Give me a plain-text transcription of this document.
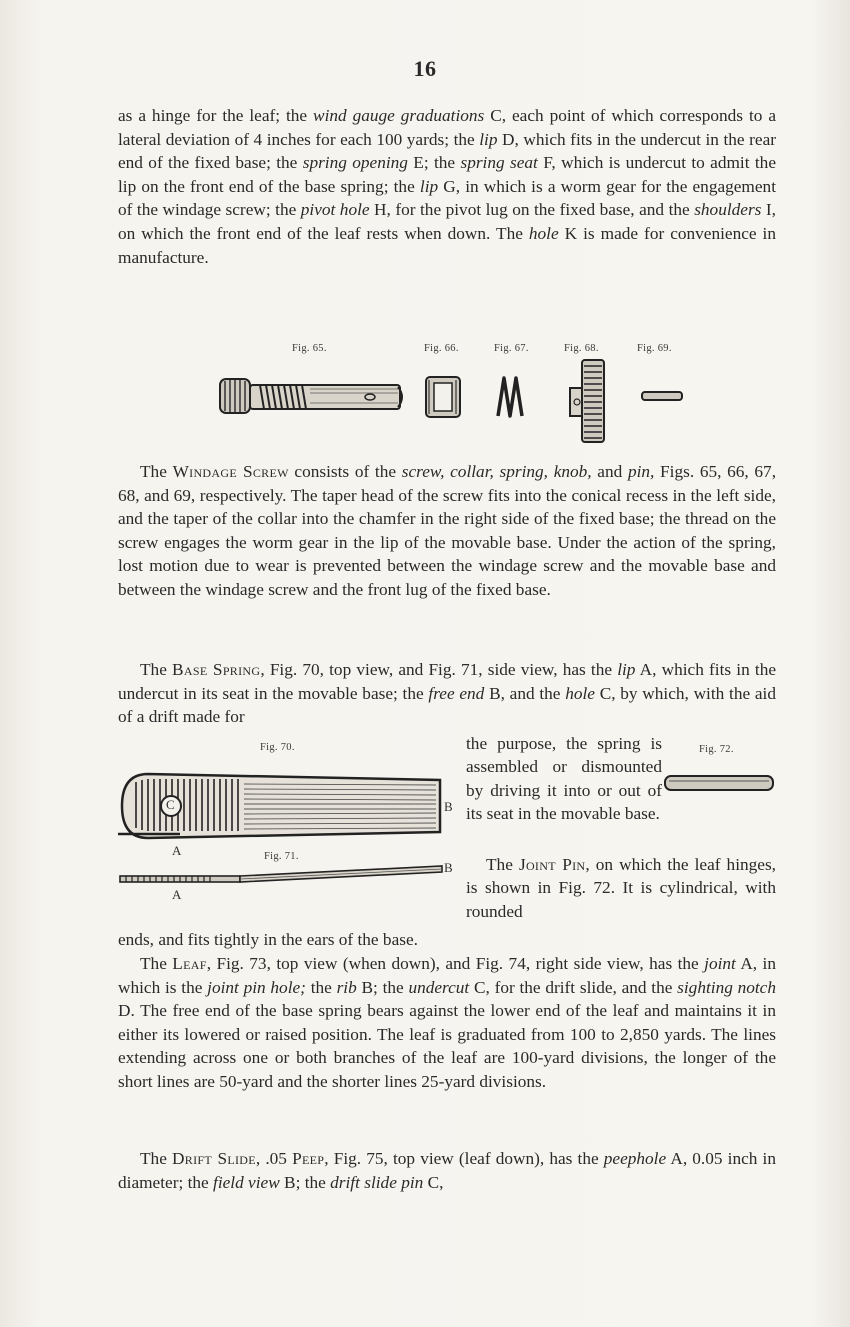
16

as a hinge for the leaf; the wind gauge graduations C, each point of which corresponds to a lateral deviation of 4 inches for each 100 yards; the lip D, which fits in the undercut in the rear end of the fixed base; the spring opening E; the spring seat F, which is undercut to admit the lip on the front end of the base spring; the lip G, in which is a worm gear for the engagement of the windage screw; the pivot hole H, for the pivot lug on the fixed base, and the shoulders I, on which the front end of the leaf rests when down. The hole K is made for convenience in manufacture.

Fig. 65.	Fig. 66.	Fig. 67.	Fig. 68.	Fig. 69.

The Windage Screw consists of the screw, collar, spring, knob, and pin, Figs. 65, 66, 67, 68, and 69, respectively. The taper head of the screw fits into the conical recess in the left side, and the taper of the collar into the chamfer in the right side of the fixed base; the thread on the screw engages the worm gear in the lip of the movable base. Under the action of the spring, lost motion due to wear is prevented between the windage screw and the movable base and between the windage screw and the front lug of the fixed base.

The Base Spring, Fig. 70, top view, and Fig. 71, side view, has the lip A, which fits in the undercut in its seat in the movable base; the free end B, and the hole C, by which, with the aid of a drift made for

the purpose, the spring is assembled or dismounted by driving it into or out of its seat in the movable base.
The Joint Pin, on which the leaf hinges, is shown in Fig. 72. It is cylindrical, with rounded
Fig. 70.
Fig. 71.
Fig. 72.
C	B
A
B
A

ends, and fits tightly in the ears of the base.

The Leaf, Fig. 73, top view (when down), and Fig. 74, right side view, has the joint A, in which is the joint pin hole; the rib B; the undercut C, for the drift slide, and the sighting notch D. The free end of the base spring bears against the lower end of the leaf and maintains it in either its lowered or raised position. The leaf is graduated from 100 to 2,850 yards. The lines extending across one or both branches of the leaf are 100-yard divisions, the longer of the short lines are 50-yard and the shorter lines 25-yard divisions.

The Drift Slide, .05 Peep, Fig. 75, top view (leaf down), has the peephole A, 0.05 inch in diameter; the field view B; the drift slide pin C,
